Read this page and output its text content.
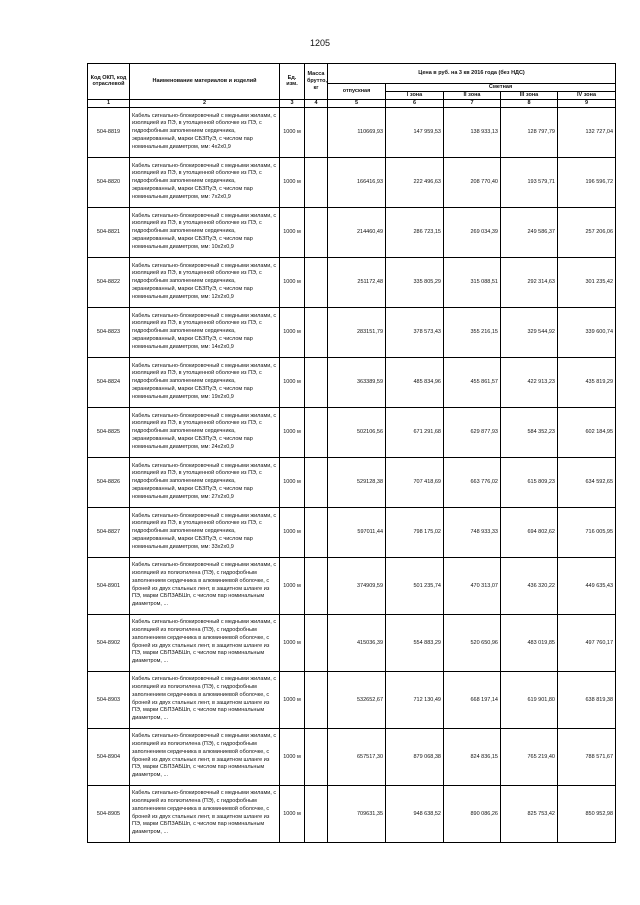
1205
Код ОКП, код отраслевой	Наименование материалов и изделий	Ед. изм.	Масса брутто, кг	Цена в руб. на 3 кв 2016 года (без НДС)				
				отпускная	Сметная			
					I зона	II зона	III зона	IV зона
1	2	3	4	5	6	7	8	9
504-8819	Кабель сигнально-блокировочный с медными жилами, с изоляцией из ПЭ, в утолщенной оболочке из ПЭ, с гидрофобным заполнением сердечника, экранированный, марки СБЗПуЭ, с числом пар номинальным диаметром, мм: 4х2х0,9	1000 м		110669,93	147 959,53	138 933,13	128 797,79	132 727,04
504-8820	Кабель сигнально-блокировочный с медными жилами, с изоляцией из ПЭ, в утолщенной оболочке из ПЭ, с гидрофобным заполнением сердечника, экранированный, марки СБЗПуЭ, с числом пар номинальным диаметром, мм: 7х2х0,9	1000 м		166416,93	222 496,63	208 770,40	193 579,71	196 596,72
504-8821	Кабель сигнально-блокировочный с медными жилами, с изоляцией из ПЭ, в утолщенной оболочке из ПЭ, с гидрофобным заполнением сердечника, экранированный, марки СБЗПуЭ, с числом пар номинальным диаметром, мм: 10х2х0,9	1000 м		214460,49	286 723,15	269 034,39	249 586,37	257 206,06
504-8822	Кабель сигнально-блокировочный с медными жилами, с изоляцией из ПЭ, в утолщенной оболочке из ПЭ, с гидрофобным заполнением сердечника, экранированный, марки СБЗПуЭ, с числом пар номинальным диаметром, мм: 12х2х0,9	1000 м		251172,48	335 805,29	315 088,51	292 314,63	301 235,42
504-8823	Кабель сигнально-блокировочный с медными жилами, с изоляцией из ПЭ, в утолщенной оболочке из ПЭ, с гидрофобным заполнением сердечника, экранированный, марки СБЗПуЭ, с числом пар номинальным диаметром, мм: 14х2х0,9	1000 м		283151,79	378 573,43	355 216,15	329 544,92	339 600,74
504-8824	Кабель сигнально-блокировочный с медными жилами, с изоляцией из ПЭ, в утолщенной оболочке из ПЭ, с гидрофобным заполнением сердечника, экранированный, марки СБЗПуЭ, с числом пар номинальным диаметром, мм: 19х2х0,9	1000 м		363389,59	485 834,96	455 861,57	422 913,23	435 819,29
504-8825	Кабель сигнально-блокировочный с медными жилами, с изоляцией из ПЭ, в утолщенной оболочке из ПЭ, с гидрофобным заполнением сердечника, экранированный, марки СБЗПуЭ, с числом пар номинальным диаметром, мм: 24х2х0,9	1000 м		502106,56	671 291,68	629 877,93	584 352,23	602 184,95
504-8826	Кабель сигнально-блокировочный с медными жилами, с изоляцией из ПЭ, в утолщенной оболочке из ПЭ, с гидрофобным заполнением сердечника, экранированный, марки СБЗПуЭ, с числом пар номинальным диаметром, мм: 27х2х0,9	1000 м		529128,38	707 418,69	663 776,02	615 809,23	634 592,65
504-8827	Кабель сигнально-блокировочный с медными жилами, с изоляцией из ПЭ, в утолщенной оболочке из ПЭ, с гидрофобным заполнением сердечника, экранированный, марки СБЗПуЭ, с числом пар номинальным диаметром, мм: 33х2х0,9	1000 м		597011,44	798 175,02	748 933,33	694 802,62	716 005,95
504-8901	Кабель сигнально-блокировочный с медными жилами, с изоляцией из полиэтилена (ПЭ), с гидрофобным заполнением сердечника в алюминиевой оболочке, с броней из двух стальных лент, в защитном шланге из ПЭ, марки СБПЗАБШп, с числом пар номинальным диаметром, ...	1000 м		374909,59	501 235,74	470 313,07	436 320,22	449 635,43
504-8902	Кабель сигнально-блокировочный с медными жилами, с изоляцией из полиэтилена (ПЭ), с гидрофобным заполнением сердечника в алюминиевой оболочке, с броней из двух стальных лент, в защитном шланге из ПЭ, марки СБПЗАБШп, с числом пар номинальным диаметром, ...	1000 м		415036,39	554 883,29	520 650,96	483 019,85	497 760,17
504-8903	Кабель сигнально-блокировочный с медными жилами, с изоляцией из полиэтилена (ПЭ), с гидрофобным заполнением сердечника в алюминиевой оболочке, с броней из двух стальных лент, в защитном шланге из ПЭ, марки СБПЗАБШп, с числом пар номинальным диаметром, ...	1000 м		532652,67	712 130,49	668 197,14	619 901,80	638 819,38
504-8904	Кабель сигнально-блокировочный с медными жилами, с изоляцией из полиэтилена (ПЭ), с гидрофобным заполнением сердечника в алюминиевой оболочке, с броней из двух стальных лент, в защитном шланге из ПЭ, марки СБПЗАБШп, с числом пар номинальным диаметром, ...	1000 м		657517,30	879 068,38	824 836,15	765 219,40	788 571,67
504-8905	Кабель сигнально-блокировочный с медными жилами, с изоляцией из полиэтилена (ПЭ), с гидрофобным заполнением сердечника в алюминиевой оболочке, с броней из двух стальных лент, в защитном шланге из ПЭ, марки СБПЗАБШп, с числом пар номинальным диаметром, ...	1000 м		709631,35	948 638,52	890 086,26	825 753,42	850 952,98
